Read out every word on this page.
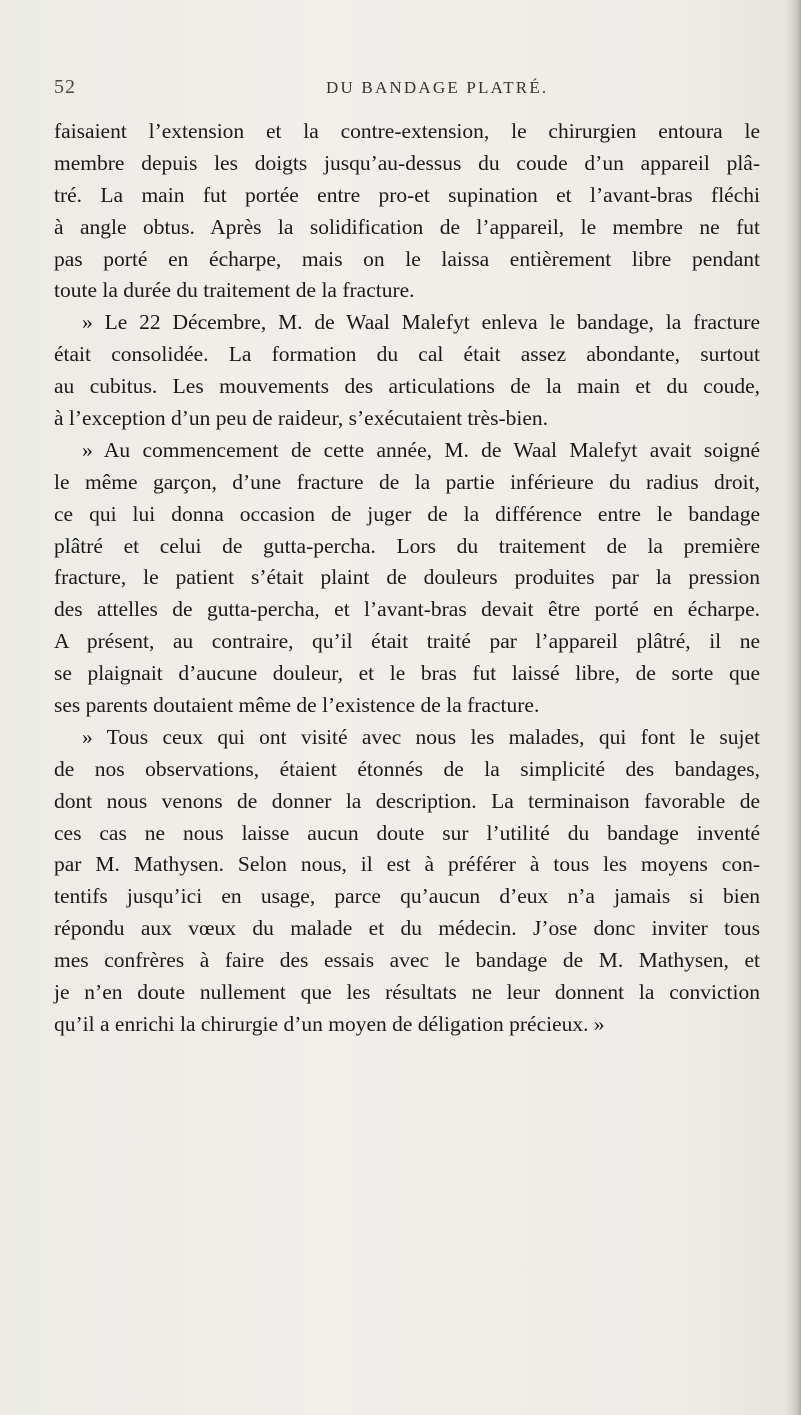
52	DU BANDAGE PLATRÉ.
faisaient l’extension et la contre-extension, le chirurgien entoura le
membre depuis les doigts jusqu’au-dessus du coude d’un appareil plâ-
tré. La main fut portée entre pro-et supination et l’avant-bras fléchi
à angle obtus. Après la solidification de l’appareil, le membre ne fut
pas porté en écharpe, mais on le laissa entièrement libre pendant
toute la durée du traitement de la fracture.
» Le 22 Décembre, M. de Waal Malefyt enleva le bandage, la fracture
était consolidée. La formation du cal était assez abondante, surtout
au cubitus. Les mouvements des articulations de la main et du coude,
à l’exception d’un peu de raideur, s’exécutaient très-bien.
» Au commencement de cette année, M. de Waal Malefyt avait soigné
le même garçon, d’une fracture de la partie inférieure du radius droit,
ce qui lui donna occasion de juger de la différence entre le bandage
plâtré et celui de gutta-percha. Lors du traitement de la première
fracture, le patient s’était plaint de douleurs produites par la pression
des attelles de gutta-percha, et l’avant-bras devait être porté en écharpe.
A présent, au contraire, qu’il était traité par l’appareil plâtré, il ne
se plaignait d’aucune douleur, et le bras fut laissé libre, de sorte que
ses parents doutaient même de l’existence de la fracture.
» Tous ceux qui ont visité avec nous les malades, qui font le sujet
de nos observations, étaient étonnés de la simplicité des bandages,
dont nous venons de donner la description. La terminaison favorable de
ces cas ne nous laisse aucun doute sur l’utilité du bandage inventé
par M. Mathysen. Selon nous, il est à préférer à tous les moyens con-
tentifs jusqu’ici en usage, parce qu’aucun d’eux n’a jamais si bien
répondu aux vœux du malade et du médecin. J’ose donc inviter tous
mes confrères à faire des essais avec le bandage de M. Mathysen, et
je n’en doute nullement que les résultats ne leur donnent la conviction
qu’il a enrichi la chirurgie d’un moyen de déligation précieux. »
